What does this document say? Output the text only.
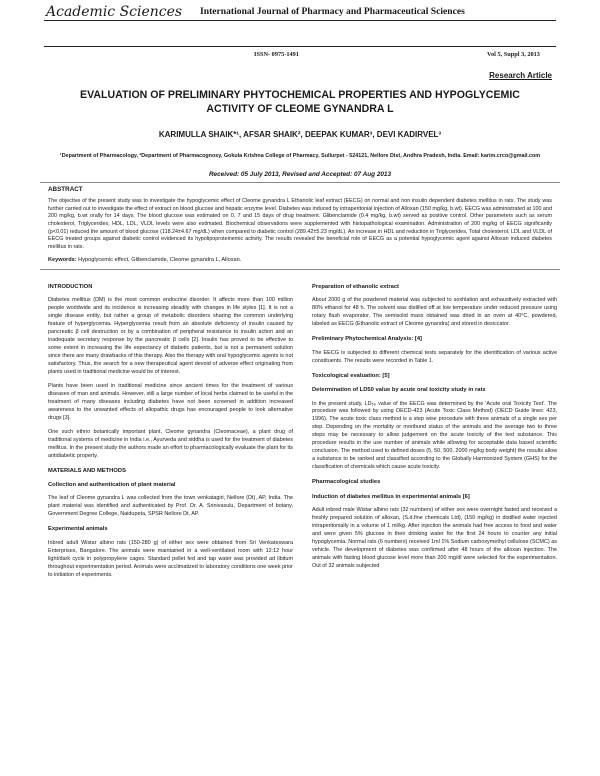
Academic Sciences International Journal of Pharmacy and Pharmaceutical Sciences
ISSN- 0975-1491	Vol 5, Suppl 3, 2013
Research Article
EVALUATION OF PRELIMINARY PHYTOCHEMICAL PROPERTIES AND HYPOGLYCEMIC ACTIVITY OF CLEOME GYNANDRA L
KARIMULLA SHAIK*¹, AFSAR SHAIK², DEEPAK KUMAR³, DEVI KADIRVEL³
¹Department of Pharmacology, ²Department of Pharmacognosy, Gokula Krishna College of Pharmacy, Sullurpet - 524121, Nellore Dist, Andhra Pradesh, India. Email: karim.crco@gmail.com
Received: 05 July 2013, Revised and Accepted: 07 Aug 2013
ABSTRACT
The objective of the present study was to investigate the hypoglycemic effect of Cleome gynandra L Ethanolic leaf extract (EECG) on normal and non insulin dependent diabetes mellitus in rats. The study was further carried out to investigate the effect of extract on blood glucose and hepatic enzyme level. Diabetes was induced by intraperitonial injection of Alloxan (150 mg/kg, b.wt). EECG was administrated at 100 and 200 mg/kg, b.wt orally for 14 days. The blood glucose was estimated on 0, 7 and 15 days of drug treatment. Glibenclamide (0.4 mg/kg, b.wt) served as positive control. Other parameters such as serum cholesterol, Triglycerides, HDL, LDL, VLDL levels were also estimated. Biochemical observations were supplemented with histopathological examination. Administration of 200 mg/kg of EECG significantly (p<0.01) reduced the amount of blood glucose (118.24±4.67 mg/dL) when compared to diabetic control (289.42±5.23 mg/dL). An increase in HDL and reduction in Triglycerides, Total cholesterol, LDL and VLDL of EECG treated groups against diabetic control evidenced its hypolipoproteinemic activity. The results revealed the beneficial role of EECG as a potential hypoglycemic agent against Alloxan induced diabetes mellitus in rats.
Keywords: Hypoglycemic effect, Glibenclamide, Cleome gynandra L, Alloxan.
INTRODUCTION

Diabetes mellitus (DM) is the most common endocrine disorder. It affects more than 100 million people worldwide and its incidence is increasing steadily with changes in life styles [1]. It is not a single disease entity, but rather a group of metabolic disorders sharing the common underlying feature of hyperglycemia. Hyperglycemia result from an absolute deficiency of insulin caused by pancreatic β cell destruction or by a combination of peripheral resistance to insulin action and an inadequate secretary response by the pancreatic β cells [2]. Insulin has proved to be effective to some extent in increasing the life expectancy of diabetic patients, but is not a permanent solution since there are many drawbacks of this therapy. Also the therapy with oral hypoglycemic agents is not satisfactory. Thus, the search for a new therapeutical agent devoid of adverse effect originating from plants used in traditional medicine would be of interest.

Plants have been used in traditional medicine since ancient times for the treatment of various diseases of man and animals. However, still a large number of local herbs claimed to be useful in the treatment of many diseases including diabetes have not been screened in addition increased awareness to the unwanted effects of allopathic drugs has encouraged people to look alternative drugs [3].

One such ethno botanically important plant, Cleome gynandra (Cleomaceae), a plant drug of traditional systems of medicine in India i.e., Ayurveda and siddha is used for the treatment of diabetes mellitus. In the present study the authors made an effort to pharmacologically evaluate the plant for its antidiabetic property.

MATERIALS AND METHODS
Collection and authentication of plant material

The leaf of Cleome gynandra L was collected from the town venkatagiri, Nellore (Dt), AP, India. The plant material was identified and authenticated by Prof. Dr. A. Srinivasulu, Department of botany, Government Degree College, Naidupeta, SPSR Nellore Dt, AP.

Experimental animals

Inbred adult Wistar albino rats (150-280 g) of either sex were obtained from Sri Venkateswara Enterprises, Bangalore. The animals were maintained in a well-ventilated room with 12:12 hour light/dark cycle in polypropylene cages. Standard pellet fed and tap water was provided ad libitum throughout experimentation period. Animals were acclimatized to laboratory conditions one week prior to initiation of experiments.

Preparation of ethanolic extract

About 2000 g of the powdered material was subjected to soxhlation and exhaustively extracted with 80% ethanol for 48 h. The solvent was distilled off at low temperature under reduced pressure using rotary flash evaporator. The semisolid mass obtained was dried in an oven at 40°C, powdered, labeled as EECG (Ethanolic extract of Cleome gynandra) and stored in desiccator.

Preliminary Phytochemical Analysis: [4]

The EECG is subjected to different chemical tests separately for the identification of various active constituents. The results were recorded in Table 1.

Toxicological evaluation: [5]
Determination of LD50 value by acute oral toxicity study in rats

In the present study, LD₅₀ value of the EECG was determined by the 'Acute oral Toxicity Test'. The procedure was followed by using OECD-423 (Acute Toxic Class Method) (OECD Guide lines: 423, 1996). The acute toxic class method is a step wise procedure with three animals of a single sex per step. Depending on the mortality or moribund status of the animals and the average two to three steps may be necessary to allow judgement on the acute toxicity of the test substance. This procedure results in the use number of animals while allowing for acceptable data based scientific conclusion. The method used to defined doses (5, 50, 500, 2000 mg/kg body weight) the results allow a substance to be ranked and classified according to the Globally Harmonized System (GHS) for the classification of chemicals which cause acute toxicity.

Pharmacological studies
Induction of diabetes mellitus in experimental animals [6]

Adult inbred male Wistar albino rats (32 numbers) of either sex were overnight fasted and received a freshly prepared solution of alloxan, (S.d.fine chemicals Ltd), (150 mg/kg) in distilled water injected intraperitonially in a volume of 1 ml/kg. After injection the animals had free access to food and water and were given 5% glucose in their drinking water for the first 24 hours to counter any initial hypoglycemia. Normal rats (6 numbers) received 1ml 1% Sodium carboxymethyl cellulose (SCMC) as vehicle. The development of diabetes was confirmed after 48 hours of the alloxan injection. The animals with fasting blood glucose level more than 200 mg/dl were selected for the experimentation. Out of 32 animals subjected
